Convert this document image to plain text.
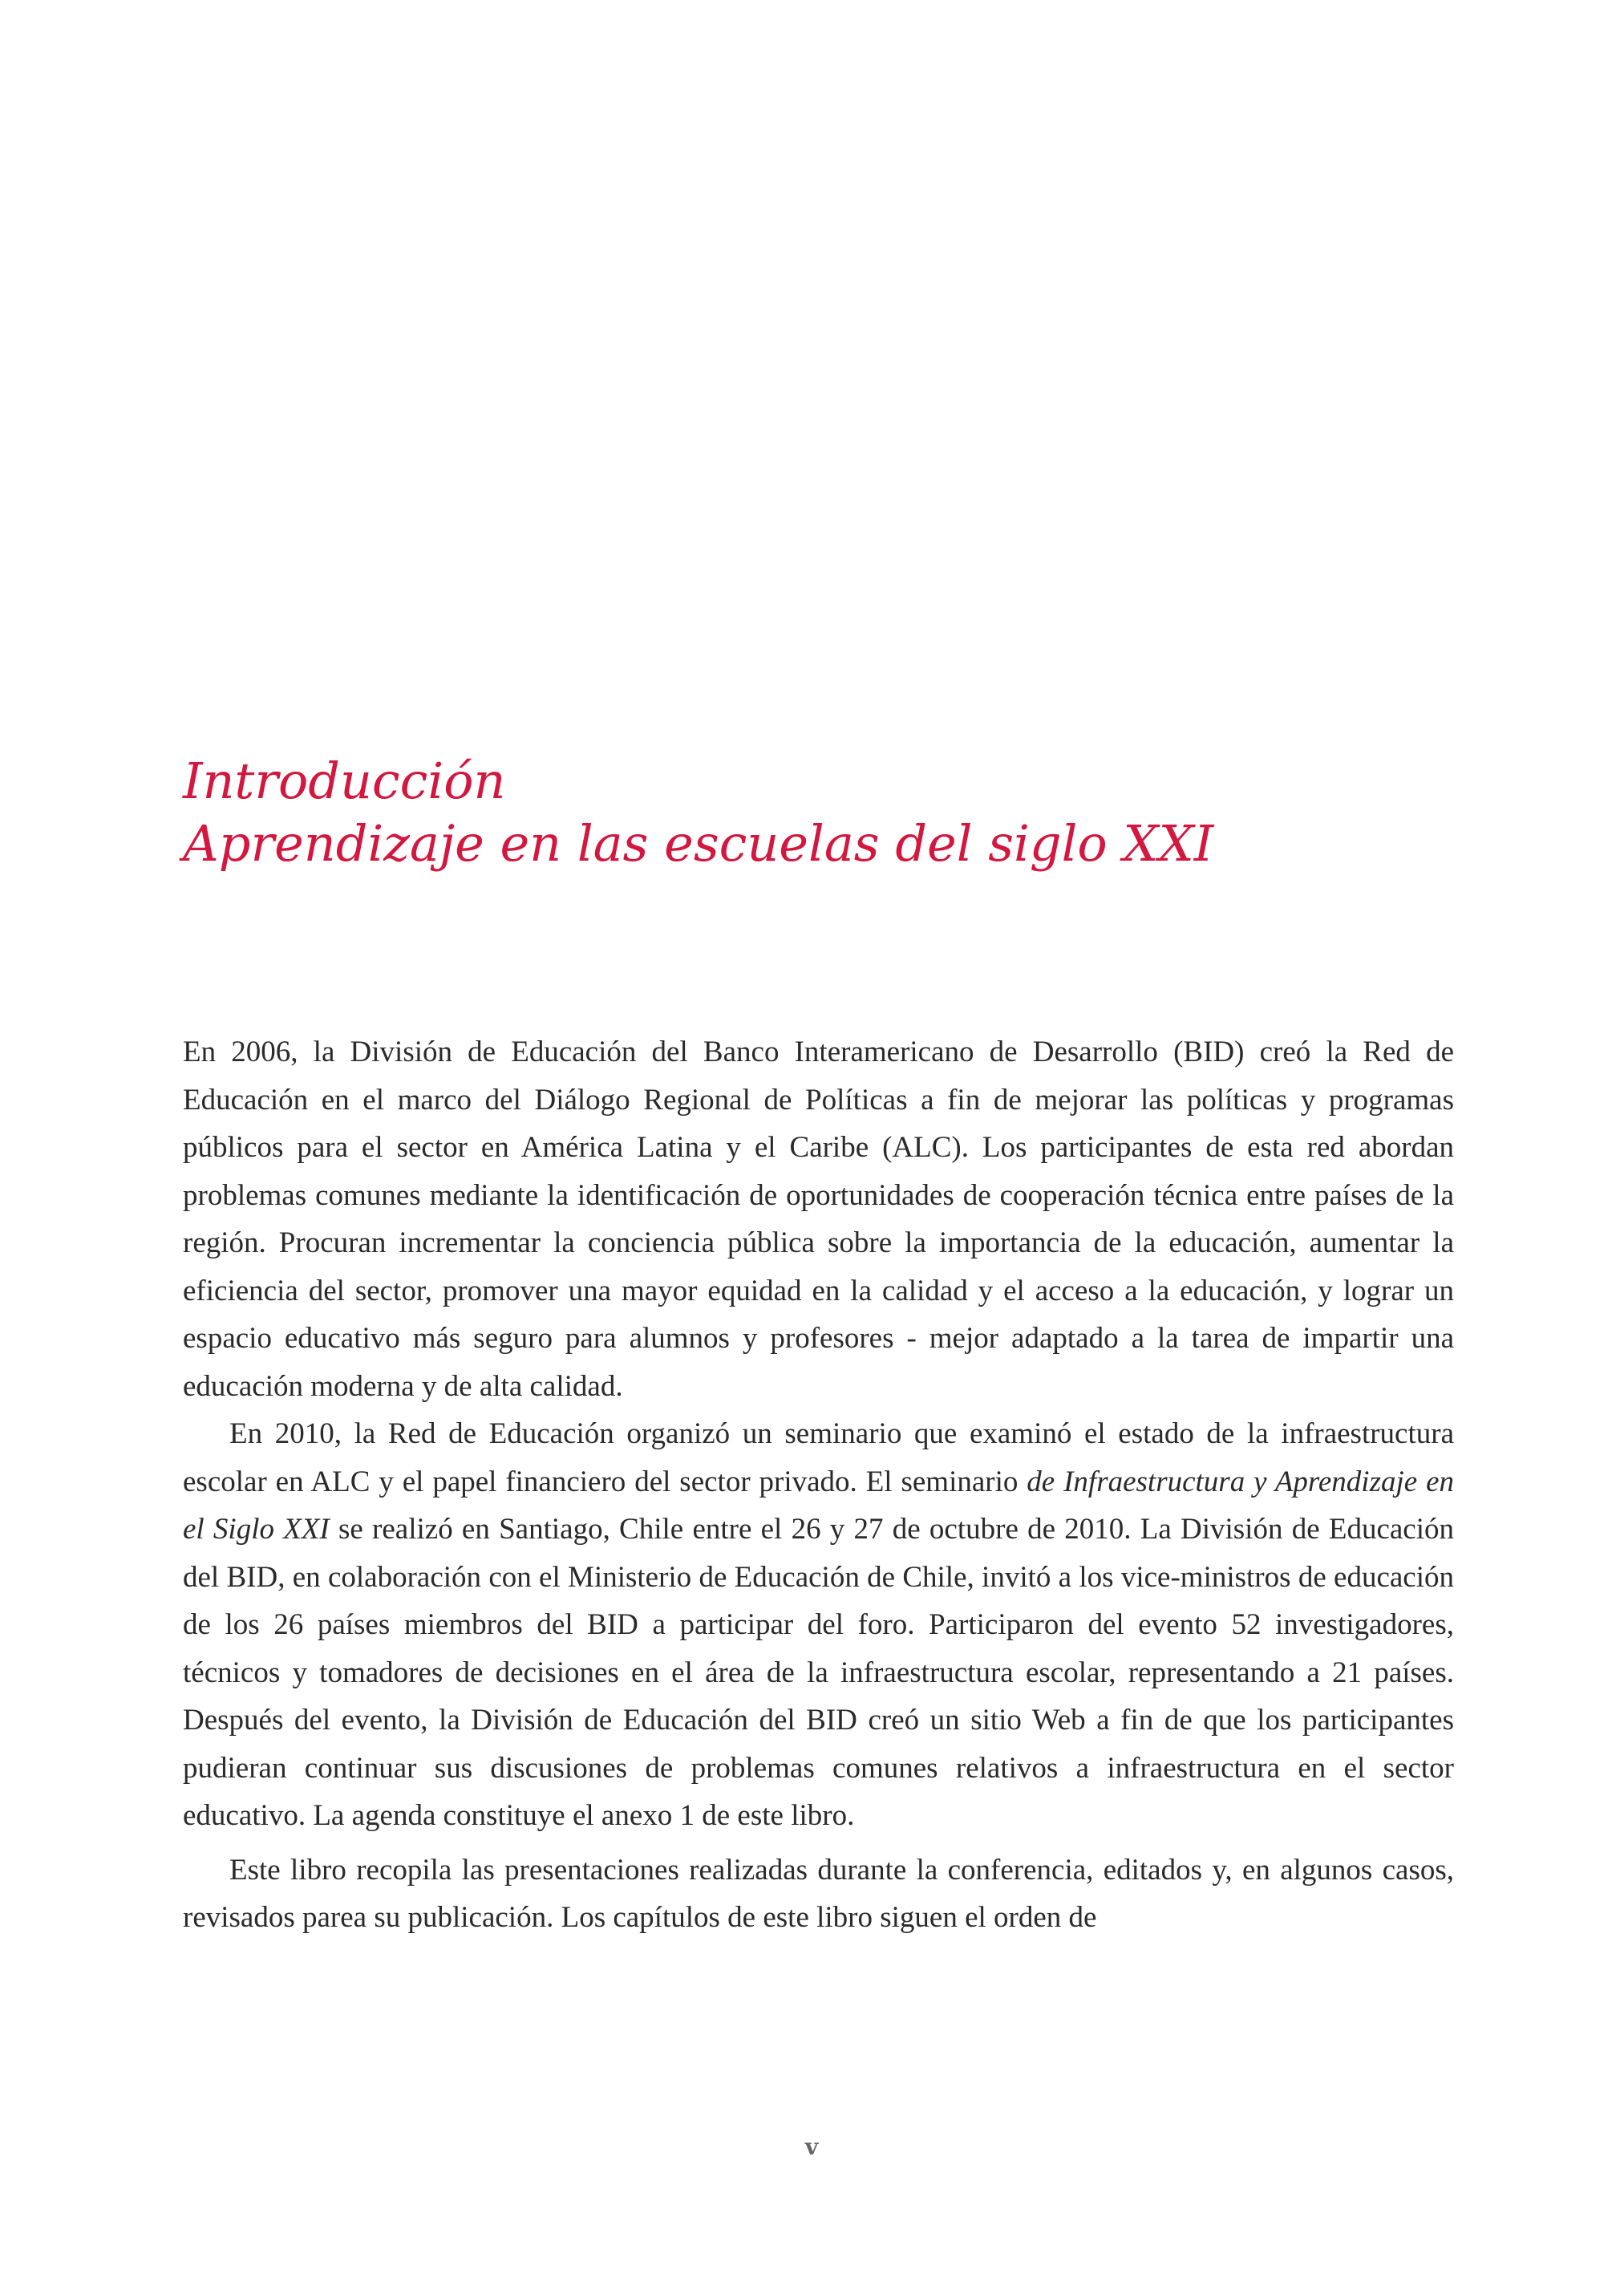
Introducción
Aprendizaje en las escuelas del siglo XXI

En 2006, la División de Educación del Banco Interamericano de Desarrollo (BID) creó la Red de Educación en el marco del Diálogo Regional de Políticas a fin de mejorar las políticas y programas públicos para el sector en América Latina y el Caribe (ALC). Los participantes de esta red abordan problemas comunes mediante la identificación de oportunidades de cooperación técnica entre países de la región. Procuran incrementar la conciencia pública sobre la importancia de la educación, aumentar la eficiencia del sector, promover una mayor equidad en la calidad y el acceso a la educación, y lograr un espacio educativo más seguro para alumnos y profesores - mejor adaptado a la tarea de impartir una educación moderna y de alta calidad.

En 2010, la Red de Educación organizó un seminario que examinó el estado de la infraestructura escolar en ALC y el papel financiero del sector privado. El seminario de Infraestructura y Aprendizaje en el Siglo XXI se realizó en Santiago, Chile entre el 26 y 27 de octubre de 2010. La División de Educación del BID, en colaboración con el Ministerio de Educación de Chile, invitó a los vice-ministros de educación de los 26 países miembros del BID a participar del foro. Participaron del evento 52 investigadores, técnicos y tomadores de decisiones en el área de la infraestructura escolar, representando a 21 países. Después del evento, la División de Educación del BID creó un sitio Web a fin de que los participantes pudieran continuar sus discusiones de problemas comunes relativos a infraestructura en el sector educativo. La agenda constituye el anexo 1 de este libro.

Este libro recopila las presentaciones realizadas durante la conferencia, editados y, en algunos casos, revisados parea su publicación. Los capítulos de este libro siguen el orden de

v
